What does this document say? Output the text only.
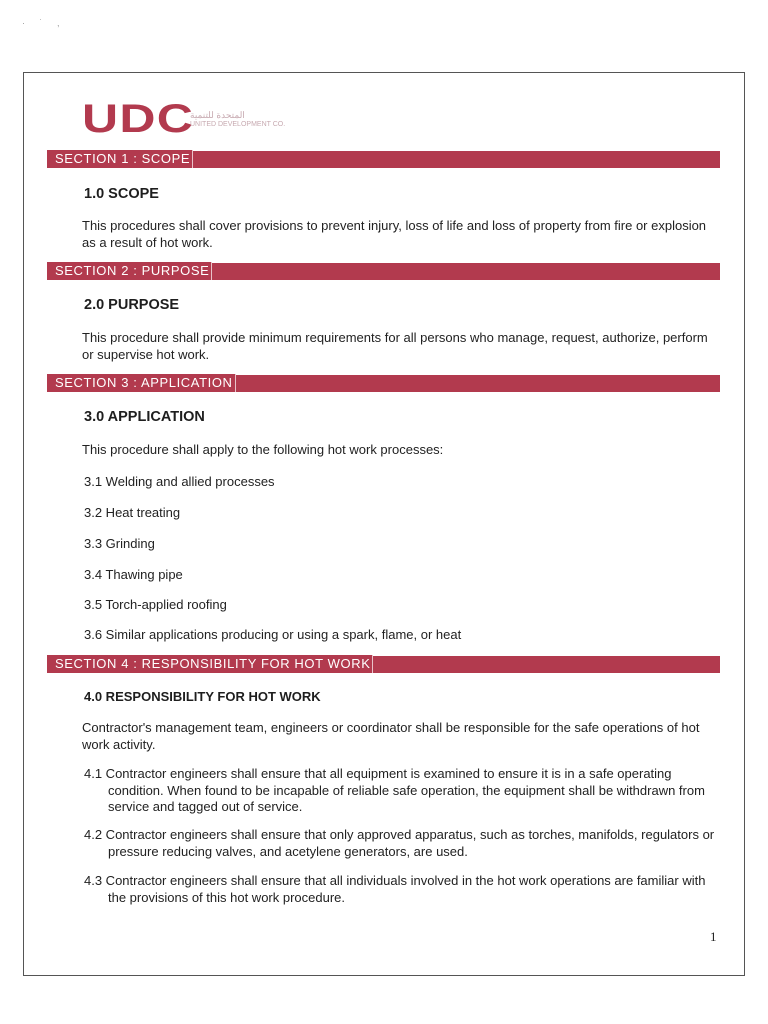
· ˙ ,
UDC
المتحدة للتنمية
UNITED DEVELOPMENT CO.
SECTION 1 : SCOPE
1.0 SCOPE
This procedures shall cover provisions to prevent injury, loss of life and loss of property from fire or explosion as a result of hot work.
SECTION 2 : PURPOSE
2.0 PURPOSE
This procedure shall provide minimum requirements for all persons who manage, request, authorize, perform or supervise hot work.
SECTION 3 : APPLICATION
3.0 APPLICATION
This procedure shall apply to the following hot work processes:
3.1 Welding and allied processes
3.2 Heat treating
3.3 Grinding
3.4 Thawing pipe
3.5 Torch-applied roofing
3.6 Similar applications producing or using a spark, flame, or heat
SECTION 4 : RESPONSIBILITY FOR HOT WORK
4.0 RESPONSIBILITY FOR HOT WORK
Contractor's management team, engineers or coordinator shall be responsible for the safe operations of hot work activity.
4.1 Contractor engineers shall ensure that all equipment is examined to ensure it is in a safe operating condition. When found to be incapable of reliable safe operation, the equipment shall be withdrawn from service and tagged out of service.
4.2 Contractor engineers shall ensure that only approved apparatus, such as torches, manifolds, regulators or pressure reducing valves, and acetylene generators, are used.
4.3 Contractor engineers shall ensure that all individuals involved in the hot work operations are familiar with the provisions of this hot work procedure.
1
